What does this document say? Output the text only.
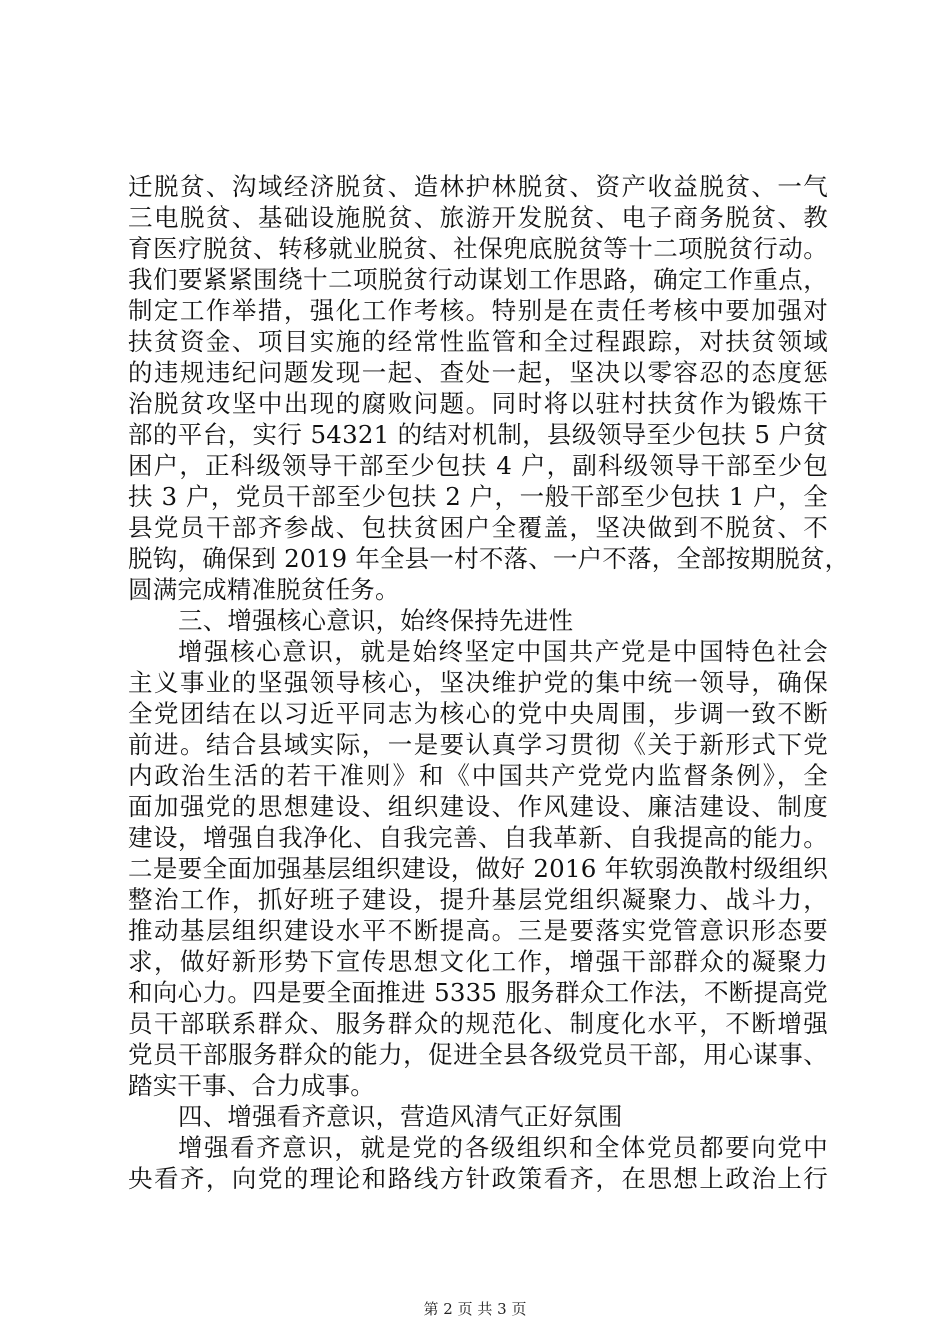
迁脱贫、沟域经济脱贫、造林护林脱贫、资产收益脱贫、一气
三电脱贫、基础设施脱贫、旅游开发脱贫、电子商务脱贫、教
育医疗脱贫、转移就业脱贫、社保兜底脱贫等十二项脱贫行动。
我们要紧紧围绕十二项脱贫行动谋划工作思路，确定工作重点，
制定工作举措，强化工作考核。特别是在责任考核中要加强对
扶贫资金、项目实施的经常性监管和全过程跟踪，对扶贫领域
的违规违纪问题发现一起、查处一起，坚决以零容忍的态度惩
治脱贫攻坚中出现的腐败问题。同时将以驻村扶贫作为锻炼干
部的平台，实行 54321 的结对机制，县级领导至少包扶 5 户贫
困户，正科级领导干部至少包扶 4 户，副科级领导干部至少包
扶 3 户，党员干部至少包扶 2 户，一般干部至少包扶 1 户，全
县党员干部齐参战、包扶贫困户全覆盖，坚决做到不脱贫、不
脱钩，确保到 2019 年全县一村不落、一户不落，全部按期脱贫，
圆满完成精准脱贫任务。
三、增强核心意识，始终保持先进性
增强核心意识，就是始终坚定中国共产党是中国特色社会
主义事业的坚强领导核心，坚决维护党的集中统一领导，确保
全党团结在以习近平同志为核心的党中央周围，步调一致不断
前进。结合县域实际，一是要认真学习贯彻《关于新形式下党
内政治生活的若干准则》和《中国共产党党内监督条例》，全
面加强党的思想建设、组织建设、作风建设、廉洁建设、制度
建设，增强自我净化、自我完善、自我革新、自我提高的能力。
二是要全面加强基层组织建设，做好 2016 年软弱涣散村级组织
整治工作，抓好班子建设，提升基层党组织凝聚力、战斗力，
推动基层组织建设水平不断提高。三是要落实党管意识形态要
求，做好新形势下宣传思想文化工作，增强干部群众的凝聚力
和向心力。四是要全面推进 5335 服务群众工作法，不断提高党
员干部联系群众、服务群众的规范化、制度化水平，不断增强
党员干部服务群众的能力，促进全县各级党员干部，用心谋事、
踏实干事、合力成事。
四、增强看齐意识，营造风清气正好氛围
增强看齐意识，就是党的各级组织和全体党员都要向党中
央看齐，向党的理论和路线方针政策看齐，在思想上政治上行
第 2 页 共 3 页
